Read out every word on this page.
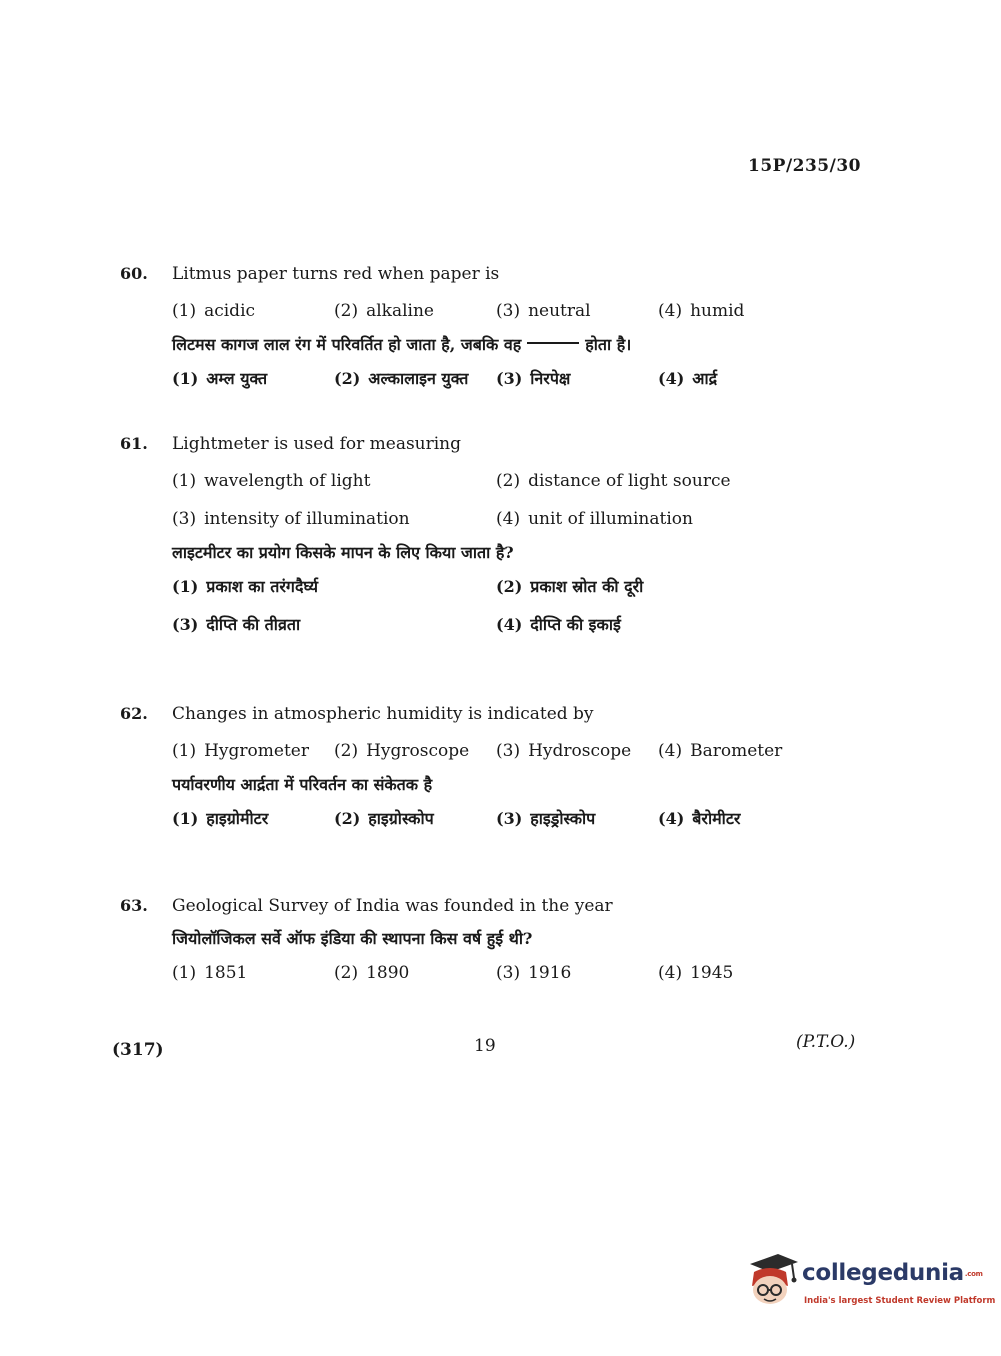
15P/235/30
60.	Litmus paper turns red when paper is
(1) acidic	(2) alkaline	(3) neutral	(4) humid
लिटमस कागज लाल रंग में परिवर्तित हो जाता है, जबकि वह	होता है।
(1) अम्ल युक्त	(2) अल्कालाइन युक्त	(3) निरपेक्ष	(4) आर्द्र
61.	Lightmeter is used for measuring
(1) wavelength of light	(2) distance of light source
(3) intensity of illumination	(4) unit of illumination
लाइटमीटर का प्रयोग किसके मापन के लिए किया जाता है?
(1) प्रकाश का तरंगदैर्घ्य	(2) प्रकाश स्रोत की दूरी
(3) दीप्ति की तीव्रता	(4) दीप्ति की इकाई
62.	Changes in atmospheric humidity is indicated by
(1) Hygrometer	(2) Hygroscope	(3) Hydroscope	(4) Barometer
पर्यावरणीय आर्द्रता में परिवर्तन का संकेतक है
(1) हाइग्रोमीटर	(2) हाइग्रोस्कोप	(3) हाइड्रोस्कोप	(4) बैरोमीटर
63.	Geological Survey of India was founded in the year
जियोलॉजिकल सर्वे ऑफ इंडिया की स्थापना किस वर्ष हुई थी?
(1) 1851	(2) 1890	(3) 1916	(4) 1945
(317)	19	(P.T.O.)
collegedunia.com
India's largest Student Review Platform
